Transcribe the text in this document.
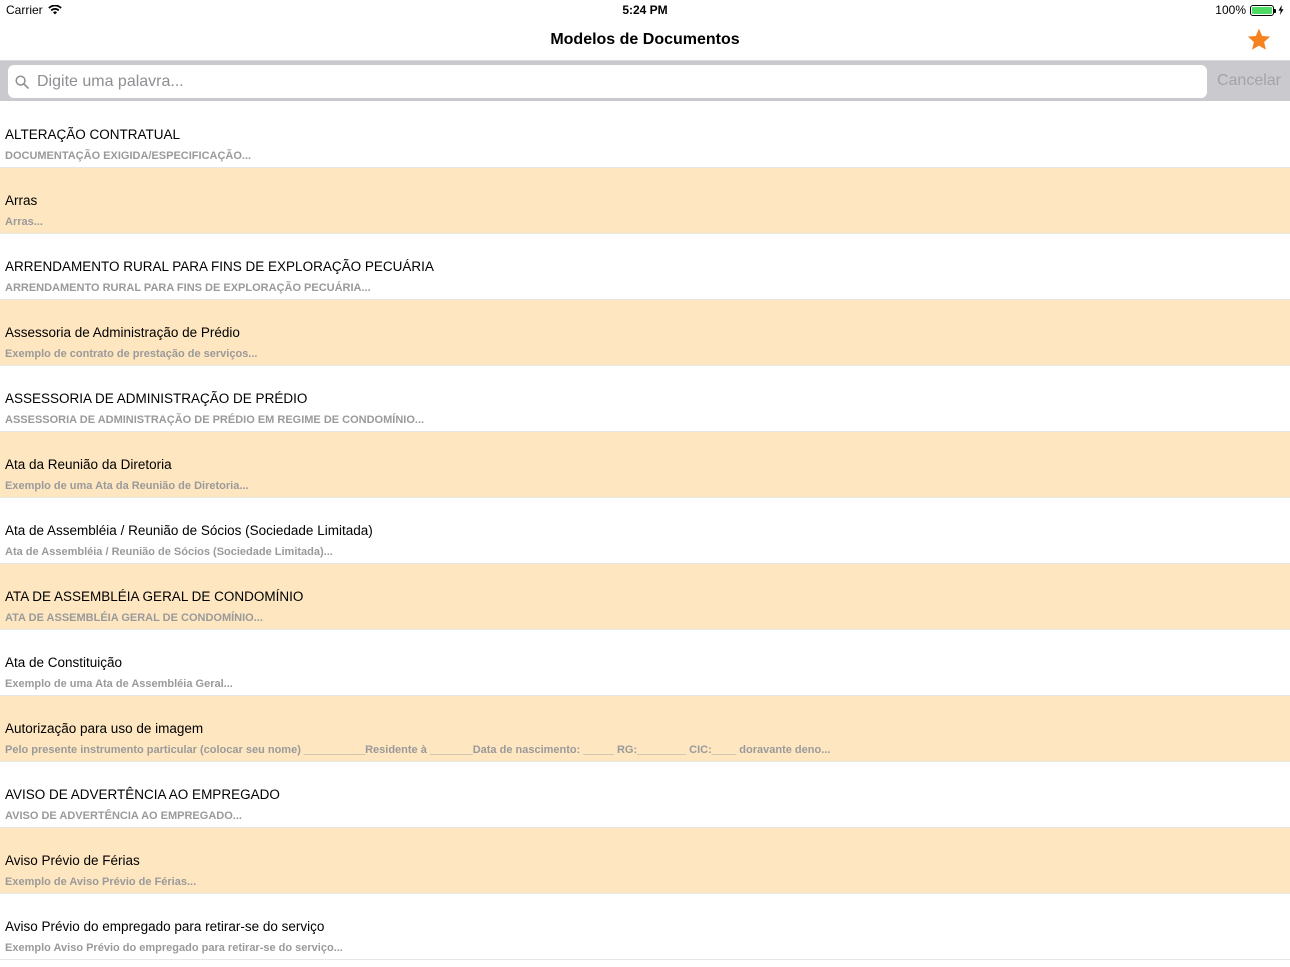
Carrier	5:24 PM	100%
Modelos de Documentos
Digite uma palavra...
Cancelar
ALTERAÇÃO CONTRATUAL
DOCUMENTAÇÃO EXIGIDA/ESPECIFICAÇÃO...
Arras
Arras...
ARRENDAMENTO RURAL PARA FINS DE EXPLORAÇÃO PECUÁRIA
ARRENDAMENTO RURAL PARA FINS DE EXPLORAÇÃO PECUÁRIA...
Assessoria de Administração de Prédio
Exemplo de contrato de prestação de serviços...
ASSESSORIA DE ADMINISTRAÇÃO DE PRÉDIO
ASSESSORIA DE ADMINISTRAÇÃO DE PRÉDIO EM REGIME DE CONDOMÍNIO...
Ata da Reunião da Diretoria
Exemplo de uma Ata da Reunião de Diretoria...
Ata de Assembléia / Reunião de Sócios (Sociedade Limitada)
Ata de Assembléia / Reunião de Sócios (Sociedade Limitada)...
ATA DE ASSEMBLÉIA GERAL DE CONDOMÍNIO
ATA DE ASSEMBLÉIA GERAL DE CONDOMÍNIO...
Ata de Constituição
Exemplo de uma Ata de Assembléia Geral...
Autorização para uso de imagem
Pelo presente instrumento particular (colocar seu nome) __________Residente à _______Data de nascimento: _____ RG:________ CIC:____ doravante deno...
AVISO DE ADVERTÊNCIA AO EMPREGADO
AVISO DE ADVERTÊNCIA AO EMPREGADO...
Aviso Prévio de Férias
Exemplo de Aviso Prévio de Férias...
Aviso Prévio do empregado para retirar-se do serviço
Exemplo Aviso Prévio do empregado para retirar-se do serviço...
